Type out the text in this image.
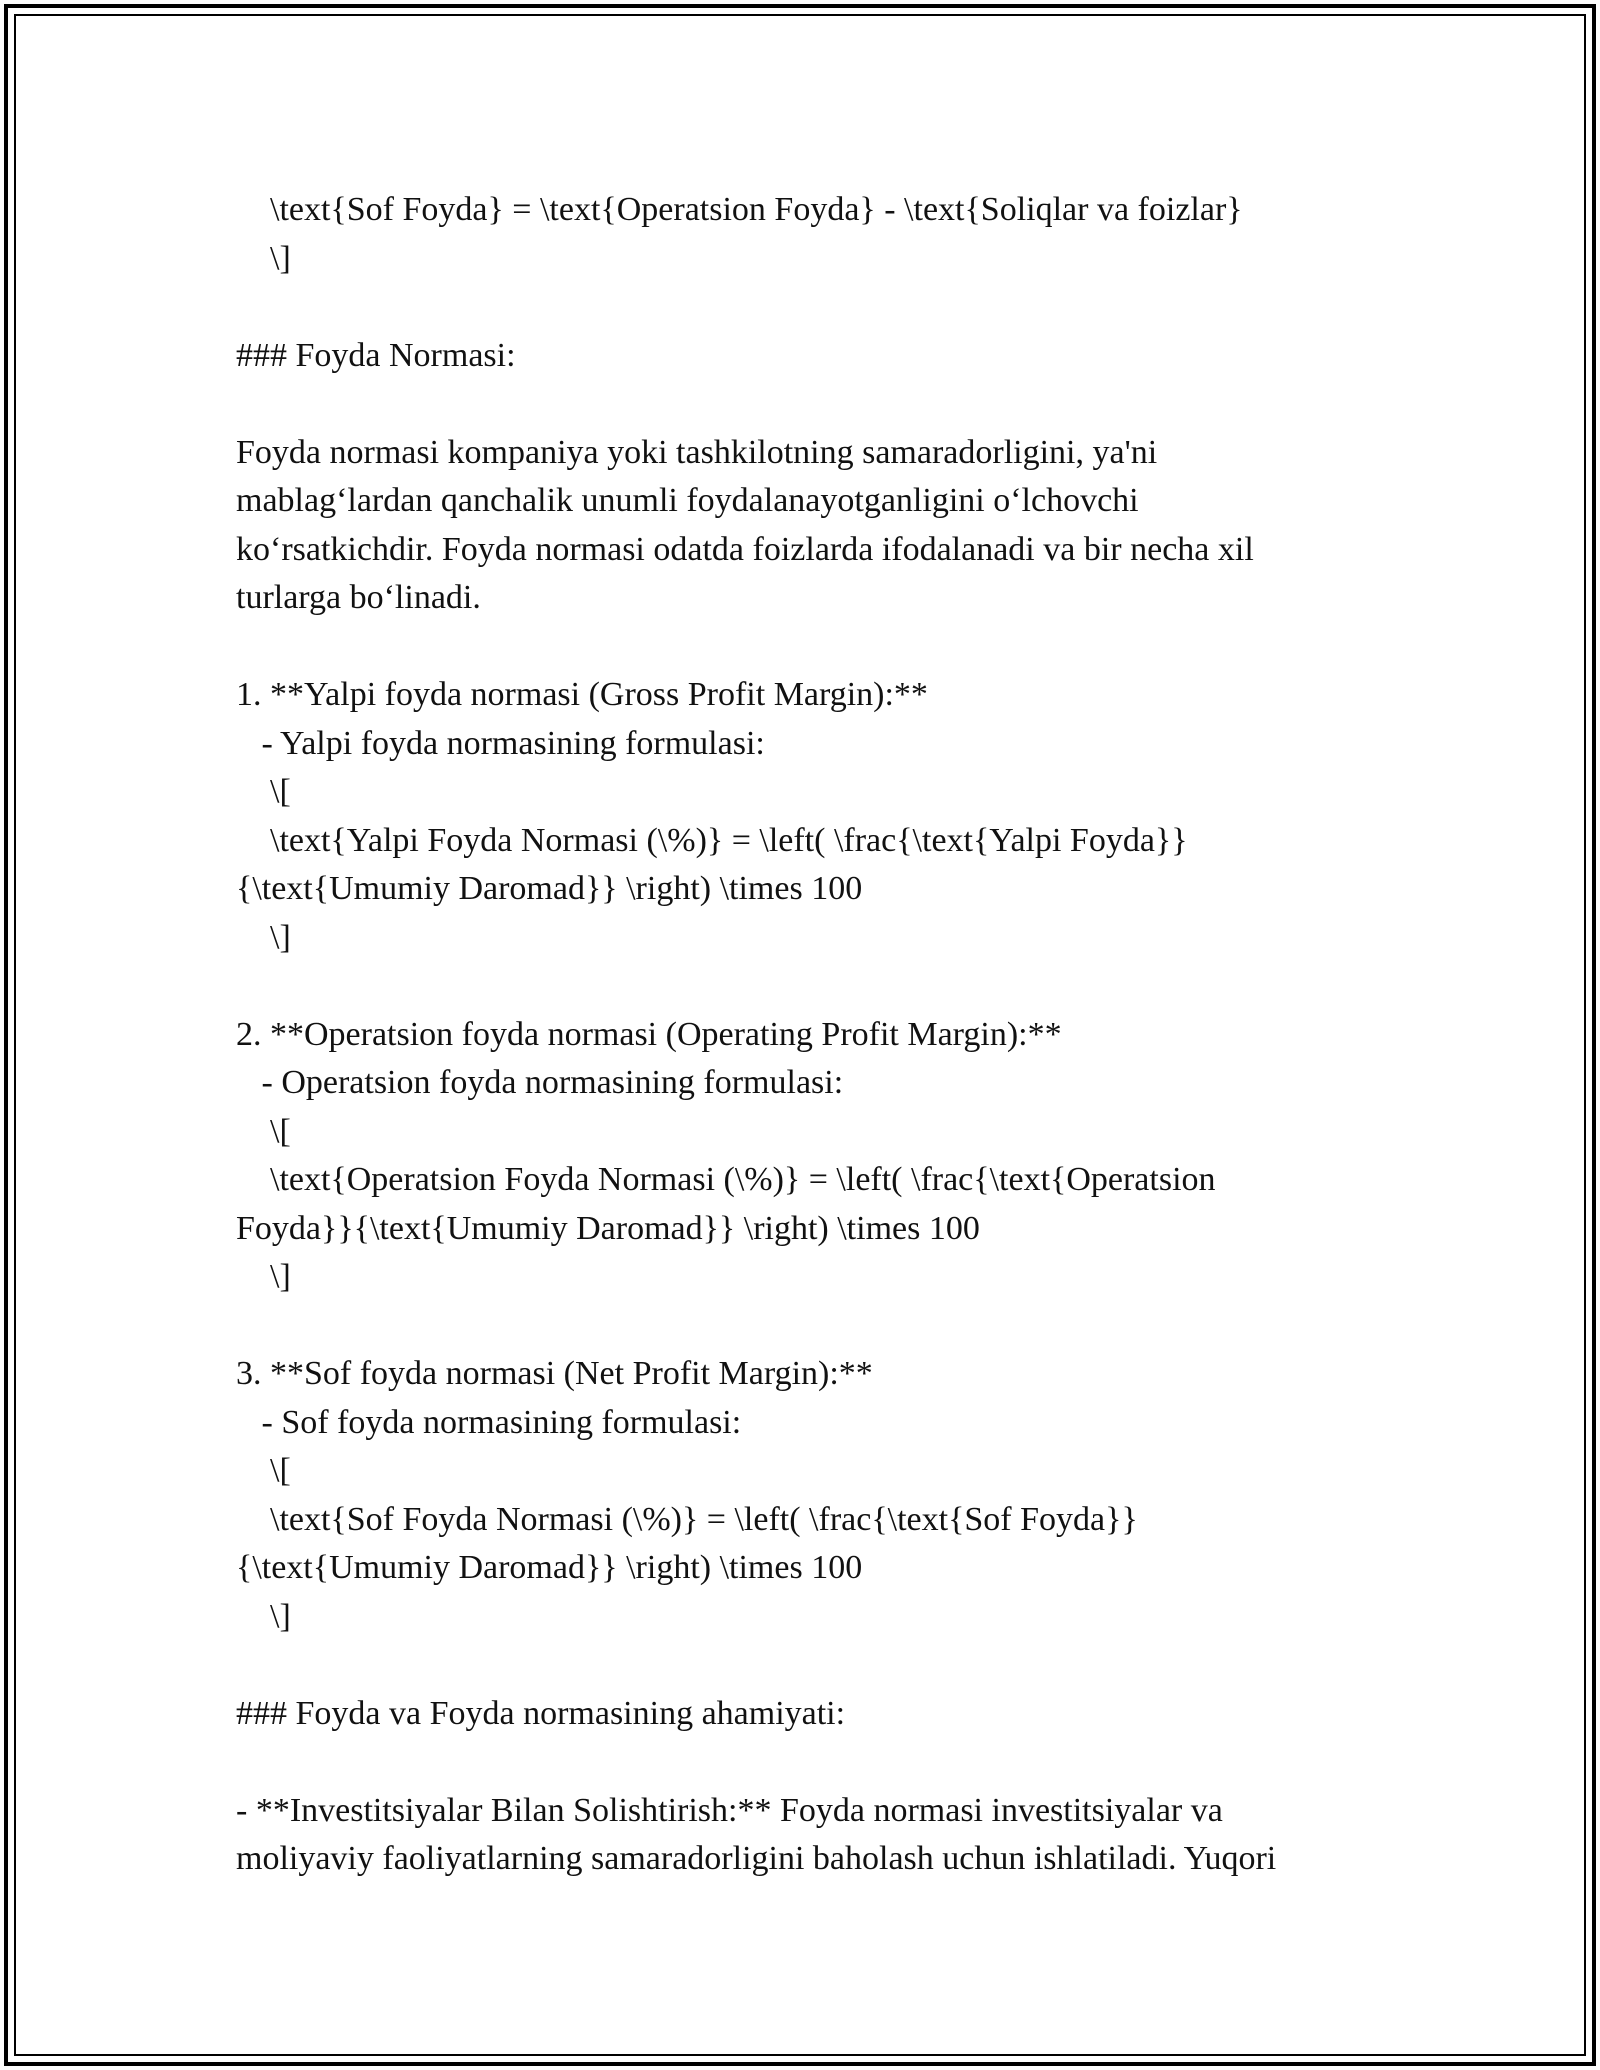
\text{Sof Foyda} = \text{Operatsion Foyda} - \text{Soliqlar va foizlar}
\]
### Foyda Normasi:
Foyda normasi kompaniya yoki tashkilotning samaradorligini, ya'ni
mablag‘lardan qanchalik unumli foydalanayotganligini o‘lchovchi
ko‘rsatkichdir. Foyda normasi odatda foizlarda ifodalanadi va bir necha xil
turlarga bo‘linadi.
1. **Yalpi foyda normasi (Gross Profit Margin):**
- Yalpi foyda normasining formulasi:
\[
\text{Yalpi Foyda Normasi (\%)} = \left( \frac{\text{Yalpi Foyda}}
{\text{Umumiy Daromad}} \right) \times 100
\]
2. **Operatsion foyda normasi (Operating Profit Margin):**
- Operatsion foyda normasining formulasi:
\[
\text{Operatsion Foyda Normasi (\%)} = \left( \frac{\text{Operatsion
Foyda}}{\text{Umumiy Daromad}} \right) \times 100
\]
3. **Sof foyda normasi (Net Profit Margin):**
- Sof foyda normasining formulasi:
\[
\text{Sof Foyda Normasi (\%)} = \left( \frac{\text{Sof Foyda}}
{\text{Umumiy Daromad}} \right) \times 100
\]
### Foyda va Foyda normasining ahamiyati:
- **Investitsiyalar Bilan Solishtirish:** Foyda normasi investitsiyalar va
moliyaviy faoliyatlarning samaradorligini baholash uchun ishlatiladi. Yuqori
